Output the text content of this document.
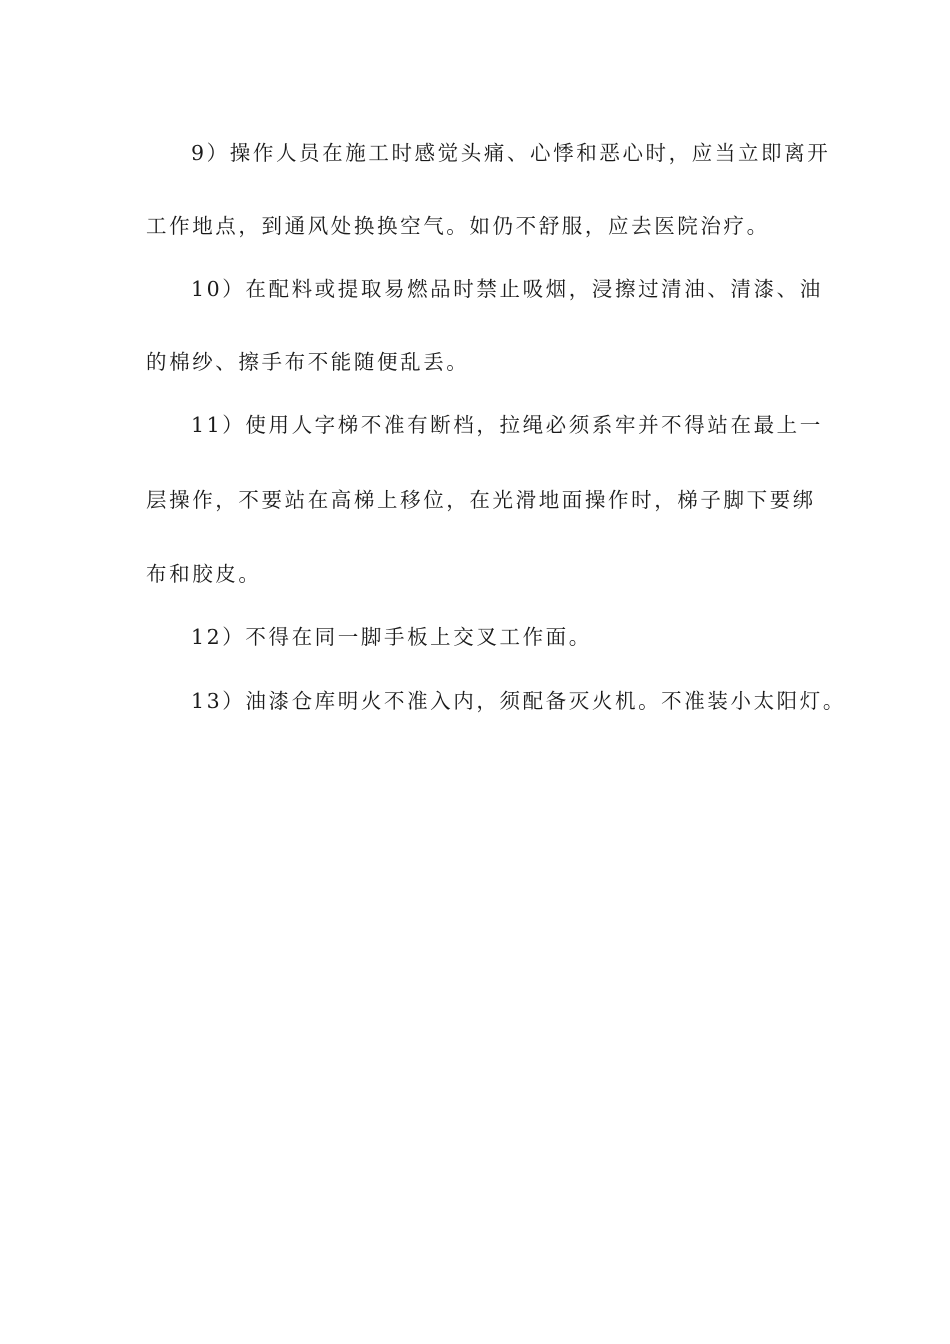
9）操作人员在施工时感觉头痛、心悸和恶心时，应当立即离开
工作地点，到通风处换换空气。如仍不舒服，应去医院治疗。
10）在配料或提取易燃品时禁止吸烟，浸擦过清油、清漆、油
的棉纱、擦手布不能随便乱丢。
11）使用人字梯不准有断档，拉绳必须系牢并不得站在最上一
层操作，不要站在高梯上移位，在光滑地面操作时，梯子脚下要绑
布和胶皮。
12）不得在同一脚手板上交叉工作面。
13）油漆仓库明火不准入内，须配备灭火机。不准装小太阳灯。
